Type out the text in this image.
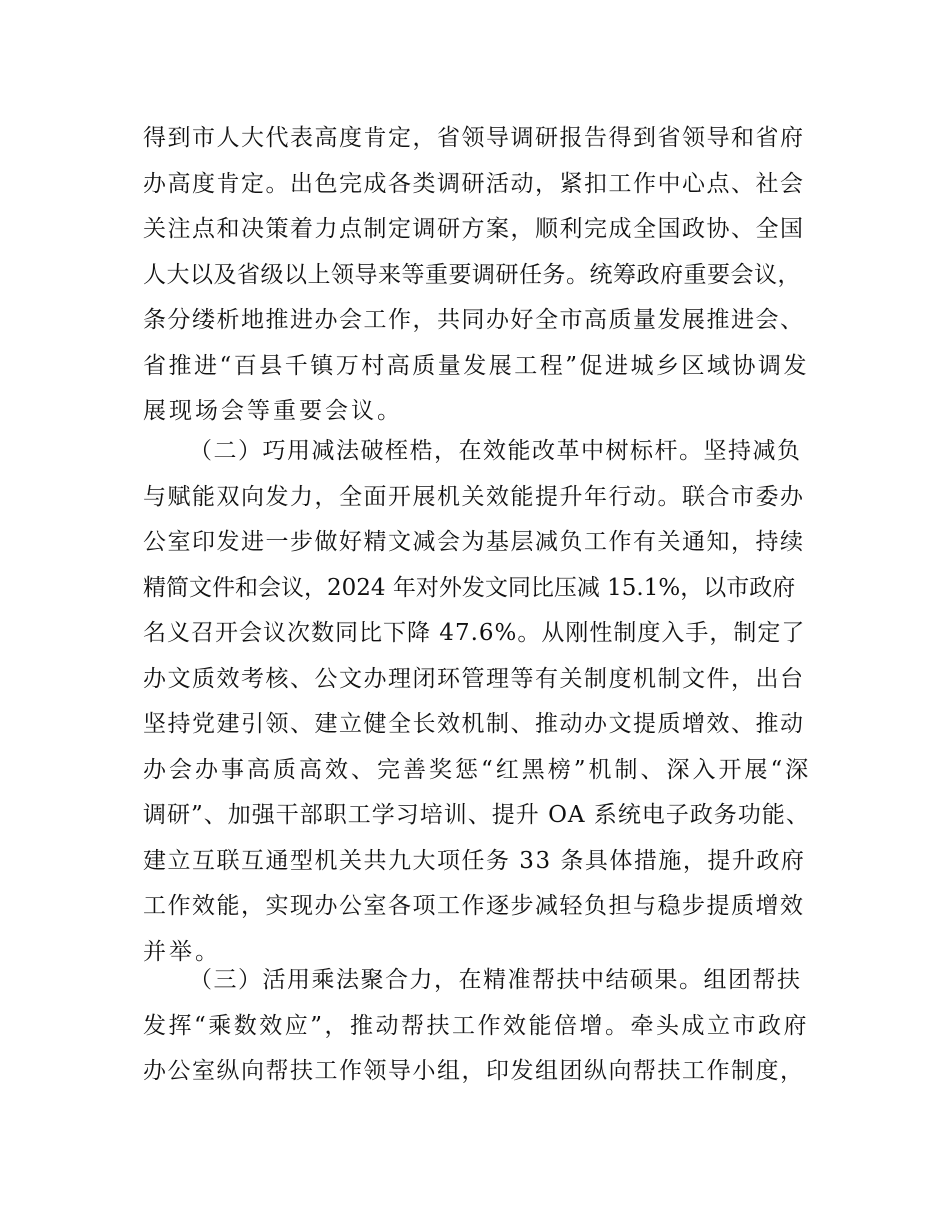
得到市人大代表高度肯定，省领导调研报告得到省领导和省府
办高度肯定。出色完成各类调研活动，紧扣工作中心点、社会
关注点和决策着力点制定调研方案，顺利完成全国政协、全国
人大以及省级以上领导来等重要调研任务。统筹政府重要会议，
条分缕析地推进办会工作，共同办好全市高质量发展推进会、
省推进“百县千镇万村高质量发展工程”促进城乡区域协调发
展现场会等重要会议。
（二）巧用减法破桎梏，在效能改革中树标杆。坚持减负
与赋能双向发力，全面开展机关效能提升年行动。联合市委办
公室印发进一步做好精文减会为基层减负工作有关通知，持续
精简文件和会议，2024 年对外发文同比压减 15.1%，以市政府
名义召开会议次数同比下降 47.6%。从刚性制度入手，制定了
办文质效考核、公文办理闭环管理等有关制度机制文件，出台
坚持党建引领、建立健全长效机制、推动办文提质增效、推动
办会办事高质高效、完善奖惩“红黑榜”机制、深入开展“深
调研”、加强干部职工学习培训、提升 OA 系统电子政务功能、
建立互联互通型机关共九大项任务 33 条具体措施，提升政府
工作效能，实现办公室各项工作逐步减轻负担与稳步提质增效
并举。
（三）活用乘法聚合力，在精准帮扶中结硕果。组团帮扶
发挥“乘数效应”，推动帮扶工作效能倍增。牵头成立市政府
办公室纵向帮扶工作领导小组，印发组团纵向帮扶工作制度，
